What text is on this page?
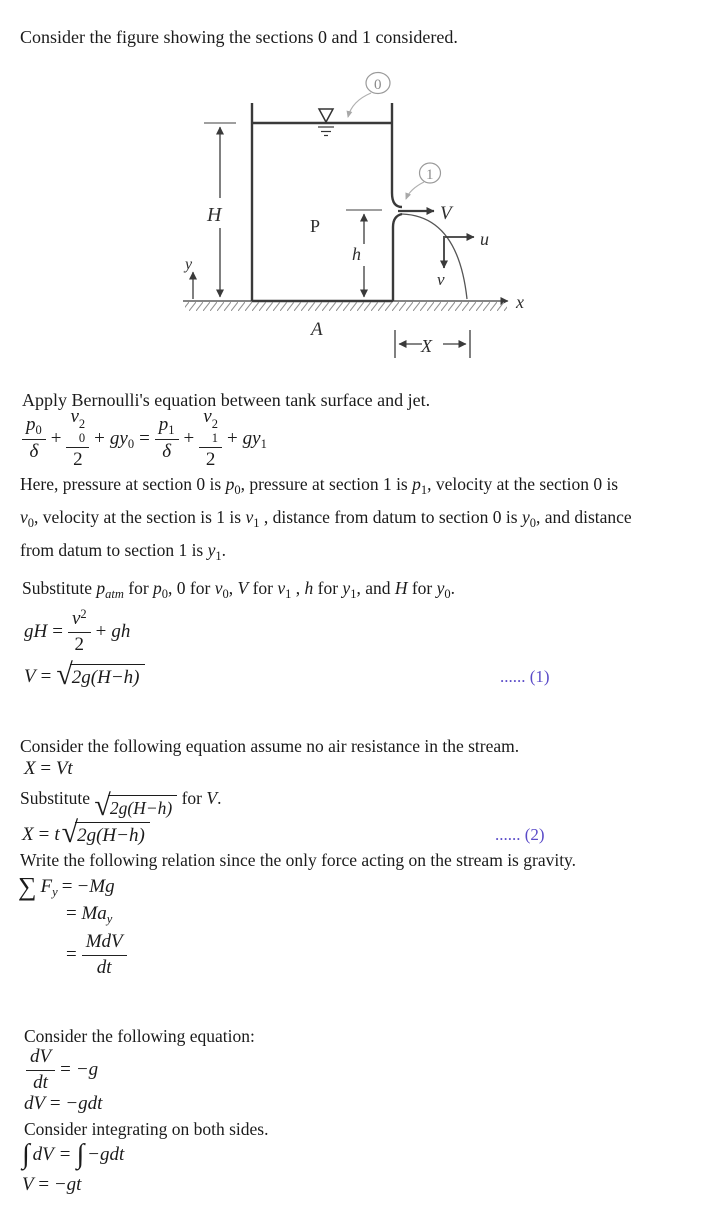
Consider the figure showing the sections 0 and 1 considered.
0
1
H	P
h
y
x
V
u
v
A
X
Apply Bernoulli's equation between tank surface and jet.
$\frac{p_0}{\delta} + v$ 2
0
$2 + gy_0 = \frac{p_1}{\delta} + v$ 2
1
$2 + gy_1$
Here, pressure at section 0 is $p_0$, pressure at section 1 is $p_1$, velocity at the section 0 is
$v_0$, velocity at the section is 1 is $v_1$ , distance from datum to section 0 is $y_0$, and distance
from datum to section 1 is $y_1$.
Substitute $p_{atm}$ for $p_0$, 0 for $v_0$, V for $v_1$ , h for $y_1$, and H for $y_0$.
gH = $\frac{v^2}{2}$ + gh
V = √ 2g(H−h)	...... (1)
Consider the following equation assume no air resistance in the stream.
X = Vt
Substitute √ 2g(H−h) for V.
X = t √ 2g(H−h)	...... (2)
Write the following relation since the only force acting on the stream is gravity.
∑ $F_y = -Mg$
= $Ma_y$
= $\frac{\text{MdV}}{dt}$
Consider the following equation:
$\frac{dV}{dt} = -g$
dV = −gdt
Consider integrating on both sides.
∫ dV = ∫ −gdt
V = −gt
